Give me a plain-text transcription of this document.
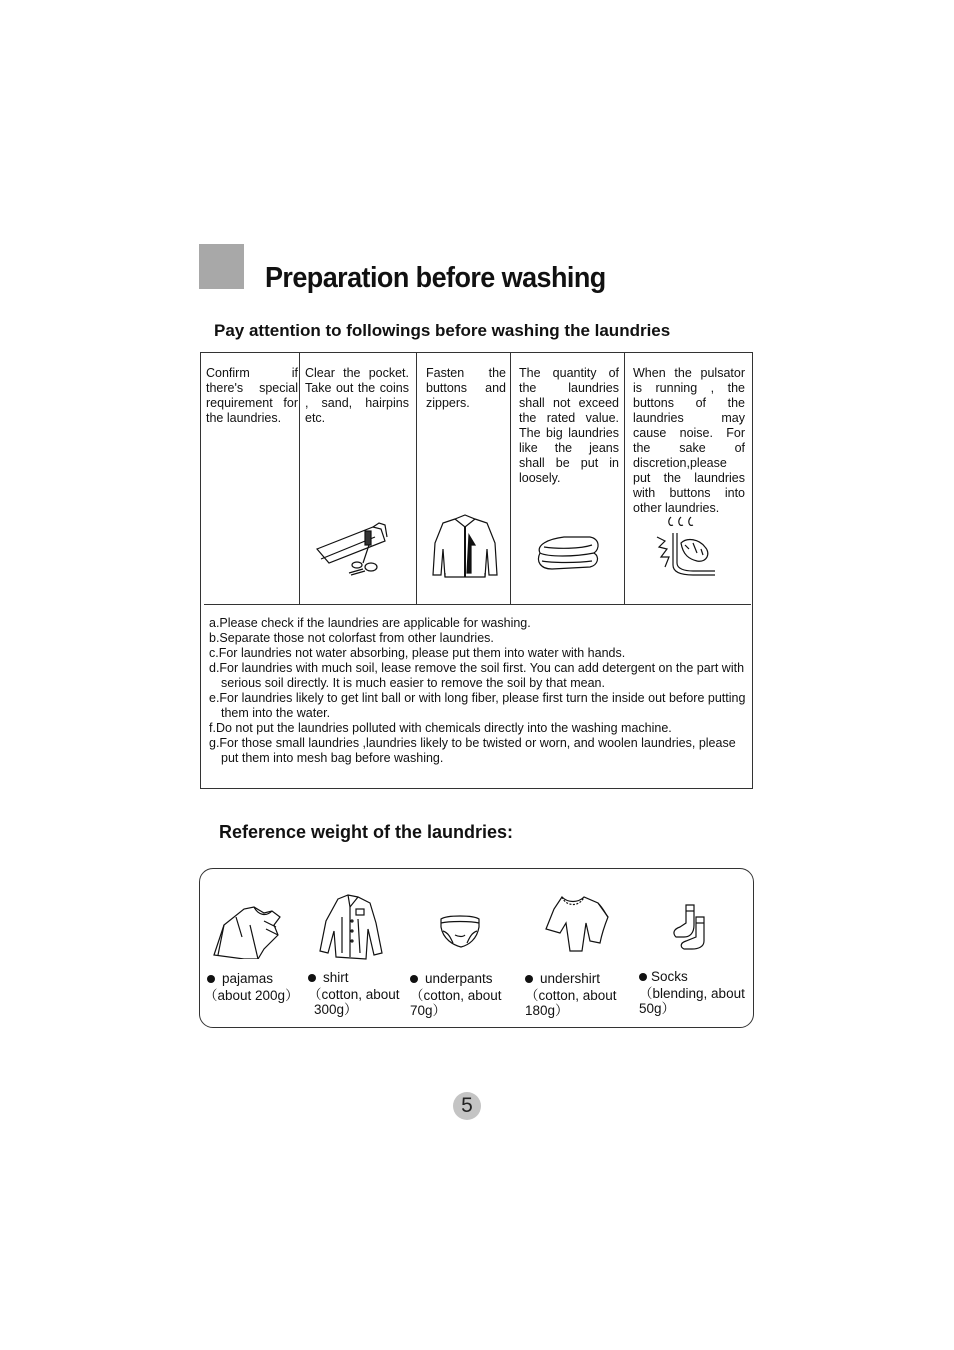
Preparation before washing
Pay attention to followings before washing the laundries
Confirm if there's special requirement for the laundries.
Clear the pocket. Take out the coins , sand, hairpins etc.
Fasten the buttons and zippers.
The quantity of the laundries shall not exceed the rated value. The big laundries like the jeans shall be put in loosely.
When the pulsator is running , the buttons of the laundries may cause noise. For the sake of discretion,please put the laundries with buttons into other laundries.
a.Please check if the laundries are applicable for washing.
b.Separate those not colorfast from other laundries.
c.For laundries not water absorbing, please put them into water with hands.
d.For laundries with much soil, lease remove the soil first. You can add detergent on the part with serious soil directly. It is much easier to remove the soil by that mean.
e.For laundries likely to get lint ball or with long fiber, please first turn the inside out before putting them into the water.
f.Do not put the laundries polluted with chemicals directly into the washing machine.
g.For those small laundries ,laundries likely to be twisted or worn, and woolen laundries, please put them into mesh bag before washing.
Reference weight of the laundries:
pajamas
（about 200g）
shirt
（cotton, about 300g）
underpants
（cotton, about 70g）
undershirt
（cotton, about 180g）
Socks
（blending, about 50g）
5
